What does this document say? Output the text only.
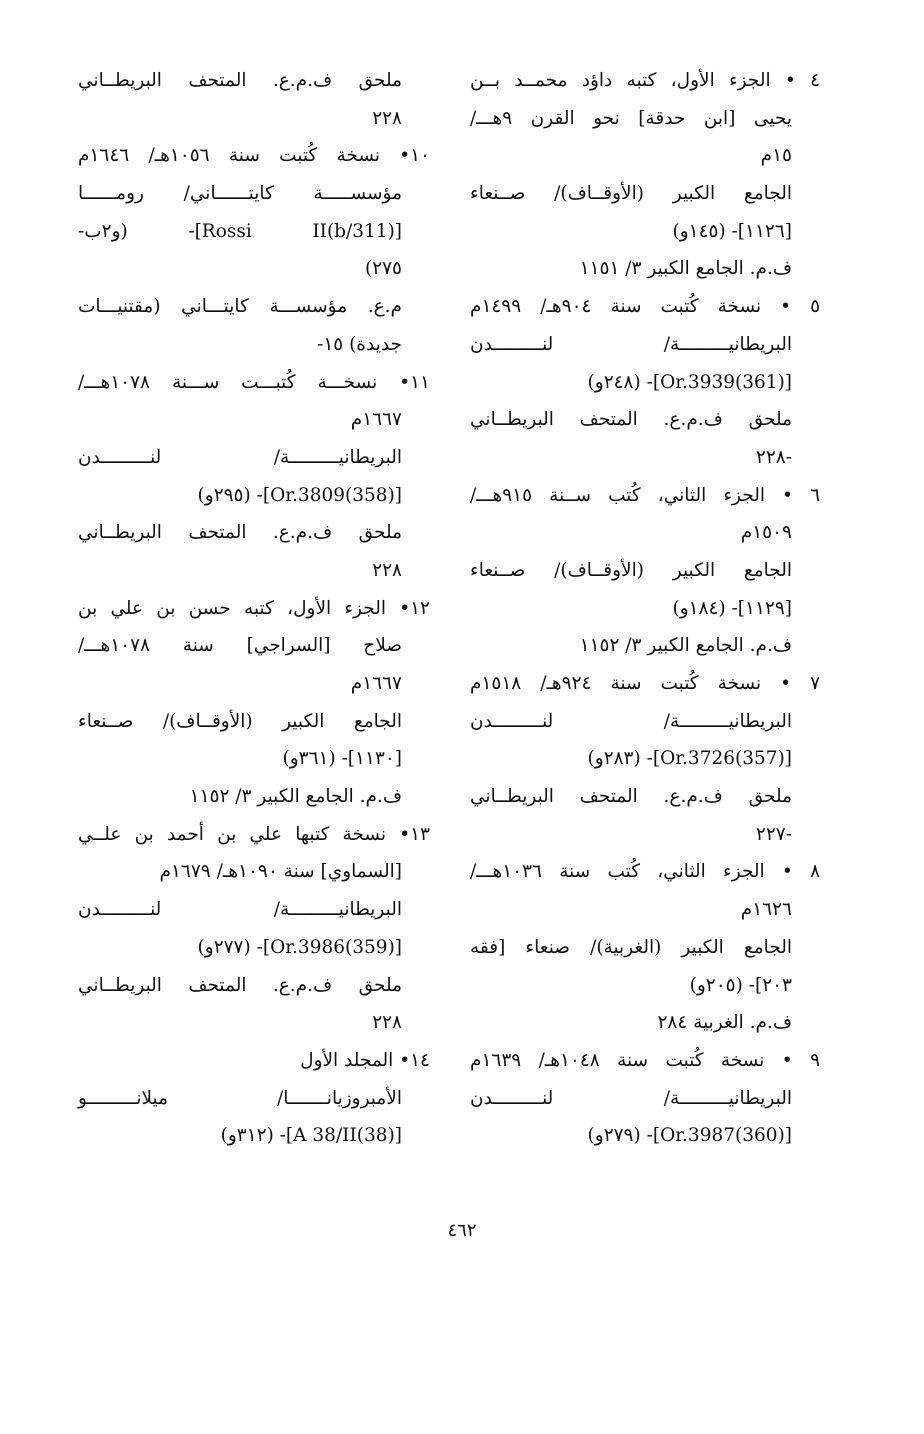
٤ • الجزء الأول، كتبه داؤد محمــد بــن
يحيى [ابن حدقة] نحو القرن ٩هـــ/
١٥م
الجامع الكبير (الأوقــاف)/ صــنعاء
[١١٢٦]- (١٤٥و)
ف.م. الجامع الكبير ٣/ ١١٥١
٥ • نسخة كُتبت سنة ٩٠٤هـ/ ١٤٩٩م
البريطانيـــــــــة/ لنـــــــــدن
[(361)Or.3939]- (٢٤٨و)
ملحق ف.م.ع. المتحف البريطــاني
-٢٢٨
٦ • الجزء الثاني، كُتب ســنة ٩١٥هـــ/
١٥٠٩م
الجامع الكبير (الأوقــاف)/ صــنعاء
[١١٢٩]- (١٨٤و)
ف.م. الجامع الكبير ٣/ ١١٥٢
٧ • نسخة كُتبت سنة ٩٢٤هـ/ ١٥١٨م
البريطانيـــــــــة/ لنـــــــــدن
[(357)Or.3726]- (٢٨٣و)
ملحق ف.م.ع. المتحف البريطــاني
-٢٢٧
٨ • الجزء الثاني، كُتب سنة ١٠٣٦هـــ/
١٦٢٦م
الجامع الكبير (الغربية)/ صنعاء [فقه
٢٠٣]- (٢٠٥و)
ف.م. الغربية ٢٨٤
٩ • نسخة كُتبت سنة ١٠٤٨هـ/ ١٦٣٩م
البريطانيـــــــــة/ لنـــــــــدن
[(360)Or.3987]- (٢٧٩و)
ملحق ف.م.ع. المتحف البريطــاني
٢٢٨
١٠• نسخة كُتبت سنة ١٠٥٦هـ/ ١٦٤٦م
مؤسســـــة كايتــــــاني/ رومــــــا
[(311/b)Rossi II]- (و٢ب-
٢٧٥)
م.ع. مؤسســـة كايتـــاني (مقتنيـــات
جديدة) ١٥-
١١• نسخـــة كُتبـــت ســـنة ١٠٧٨هـــ/
١٦٦٧م
البريطانيـــــــــة/ لنـــــــــدن
[(358)Or.3809]- (٢٩٥و)
ملحق ف.م.ع. المتحف البريطــاني
٢٢٨
١٢• الجزء الأول، كتبه حسن بن علي بن
صلاح [السراجي] سنة ١٠٧٨هـــ/
١٦٦٧م
الجامع الكبير (الأوقــاف)/ صــنعاء
[١١٣٠]- (٣٦١و)
ف.م. الجامع الكبير ٣/ ١١٥٢
١٣• نسخة كتبها علي بن أحمد بن علــي
[السماوي] سنة ١٠٩٠هـ/ ١٦٧٩م
البريطانيـــــــــة/ لنـــــــــدن
[(359)Or.3986]- (٢٧٧و)
ملحق ف.م.ع. المتحف البريطــاني
٢٢٨
١٤• المجلد الأول
الأمبروزيانـــــــا/ ميلانـــــــــو
[(38)A 38/II]- (٣١٢و)
٤٦٢
